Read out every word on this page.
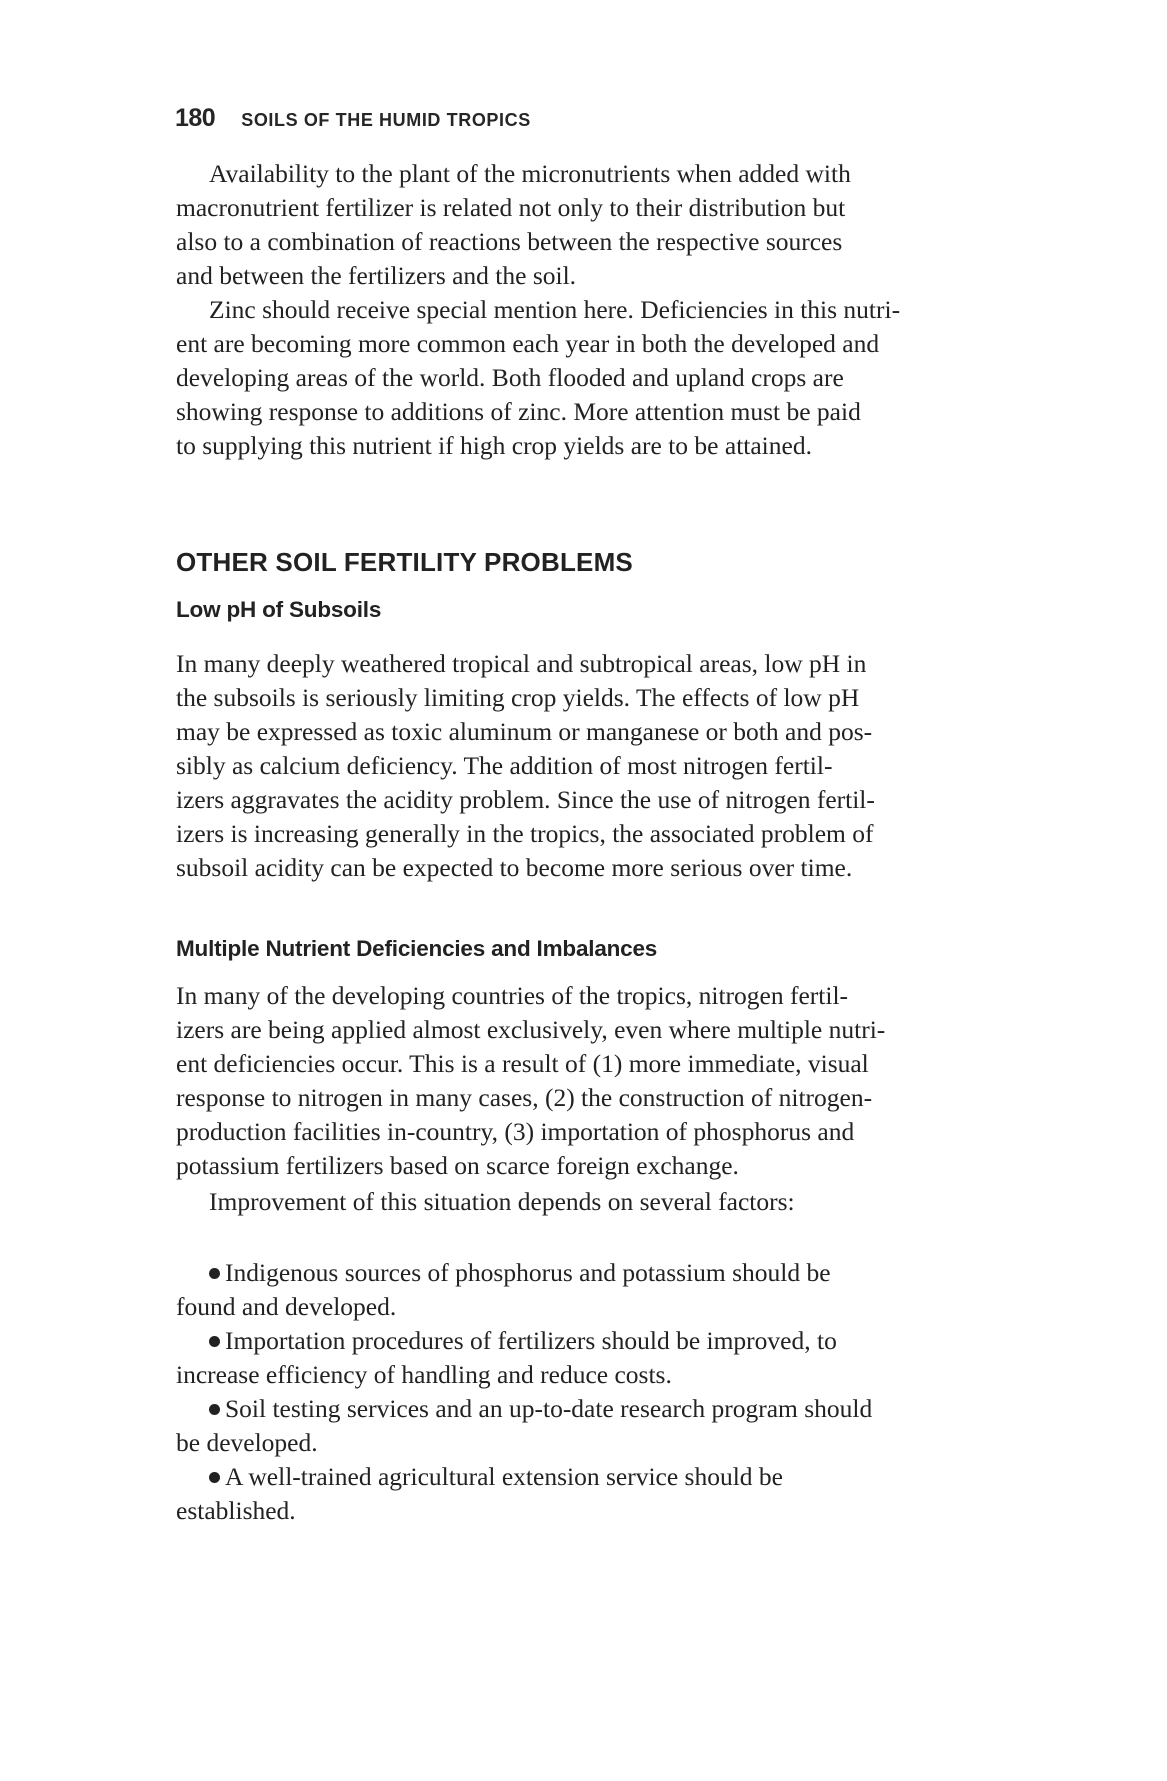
180 SOILS OF THE HUMID TROPICS
Availability to the plant of the micronutrients when added with
macronutrient fertilizer is related not only to their distribution but
also to a combination of reactions between the respective sources
and between the fertilizers and the soil.
Zinc should receive special mention here. Deficiencies in this nutri-
ent are becoming more common each year in both the developed and
developing areas of the world. Both flooded and upland crops are
showing response to additions of zinc. More attention must be paid
to supplying this nutrient if high crop yields are to be attained.
OTHER SOIL FERTILITY PROBLEMS
Low pH of Subsoils
In many deeply weathered tropical and subtropical areas, low pH in
the subsoils is seriously limiting crop yields. The effects of low pH
may be expressed as toxic aluminum or manganese or both and pos-
sibly as calcium deficiency. The addition of most nitrogen fertil-
izers aggravates the acidity problem. Since the use of nitrogen fertil-
izers is increasing generally in the tropics, the associated problem of
subsoil acidity can be expected to become more serious over time.
Multiple Nutrient Deficiencies and Imbalances
In many of the developing countries of the tropics, nitrogen fertil-
izers are being applied almost exclusively, even where multiple nutri-
ent deficiencies occur. This is a result of (1) more immediate, visual
response to nitrogen in many cases, (2) the construction of nitrogen-
production facilities in-country, (3) importation of phosphorus and
potassium fertilizers based on scarce foreign exchange.
Improvement of this situation depends on several factors:
Indigenous sources of phosphorus and potassium should be
found and developed.
Importation procedures of fertilizers should be improved, to
increase efficiency of handling and reduce costs.
Soil testing services and an up-to-date research program should
be developed.
A well-trained agricultural extension service should be
established.
